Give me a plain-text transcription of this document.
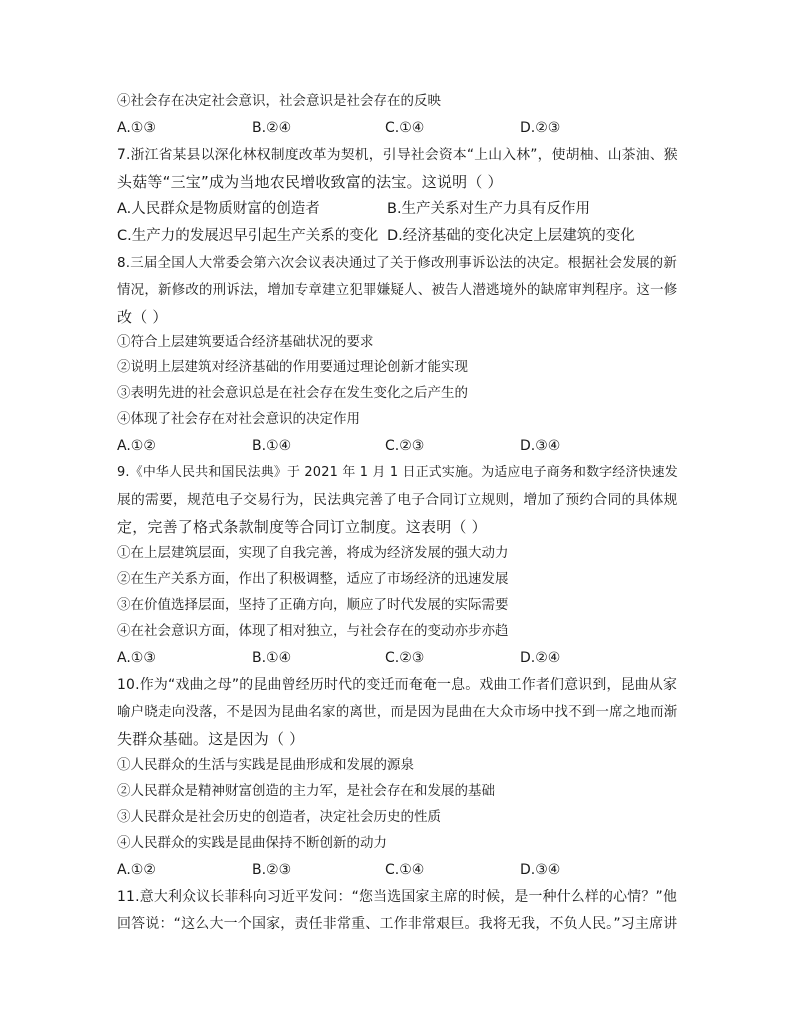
④社会存在决定社会意识，社会意识是社会存在的反映
A.①③	B.②④	C.①④	D.②③
7.浙江省某县以深化林权制度改革为契机，引导社会资本“上山入林”，使胡柚、山茶油、猴
头菇等“三宝”成为当地农民增收致富的法宝。这说明（ ）
A.人民群众是物质财富的创造者	B.生产关系对生产力具有反作用
C.生产力的发展迟早引起生产关系的变化 D.经济基础的变化决定上层建筑的变化
8.三届全国人大常委会第六次会议表决通过了关于修改刑事诉讼法的决定。根据社会发展的新
情况，新修改的刑诉法，增加专章建立犯罪嫌疑人、被告人潜逃境外的缺席审判程序。这一修
改（ ）
①符合上层建筑要适合经济基础状况的要求
②说明上层建筑对经济基础的作用要通过理论创新才能实现
③表明先进的社会意识总是在社会存在发生变化之后产生的
④体现了社会存在对社会意识的决定作用
A.①②	B.①④	C.②③	D.③④
9.《中华人民共和国民法典》于 2021 年 1 月 1 日正式实施。为适应电子商务和数字经济快速发
展的需要，规范电子交易行为，民法典完善了电子合同订立规则，增加了预约合同的具体规
定，完善了格式条款制度等合同订立制度。这表明（ ）
①在上层建筑层面，实现了自我完善，将成为经济发展的强大动力
②在生产关系方面，作出了积极调整，适应了市场经济的迅速发展
③在价值选择层面，坚持了正确方向，顺应了时代发展的实际需要
④在社会意识方面，体现了相对独立，与社会存在的变动亦步亦趋
A.①③	B.①④	C.②③	D.②④
10.作为“戏曲之母”的昆曲曾经历时代的变迁而奄奄一息。戏曲工作者们意识到，昆曲从家
喻户晓走向没落，不是因为昆曲名家的离世，而是因为昆曲在大众市场中找不到一席之地而渐
失群众基础。这是因为（ ）
①人民群众的生活与实践是昆曲形成和发展的源泉
②人民群众是精神财富创造的主力军，是社会存在和发展的基础
③人民群众是社会历史的创造者，决定社会历史的性质
④人民群众的实践是昆曲保持不断创新的动力
A.①②	B.②③	C.①④	D.③④
11.意大利众议长菲科向习近平发问：“您当选国家主席的时候，是一种什么样的心情？”他
回答说：“这么大一个国家，责任非常重、工作非常艰巨。我将无我，不负人民。”习主席讲
